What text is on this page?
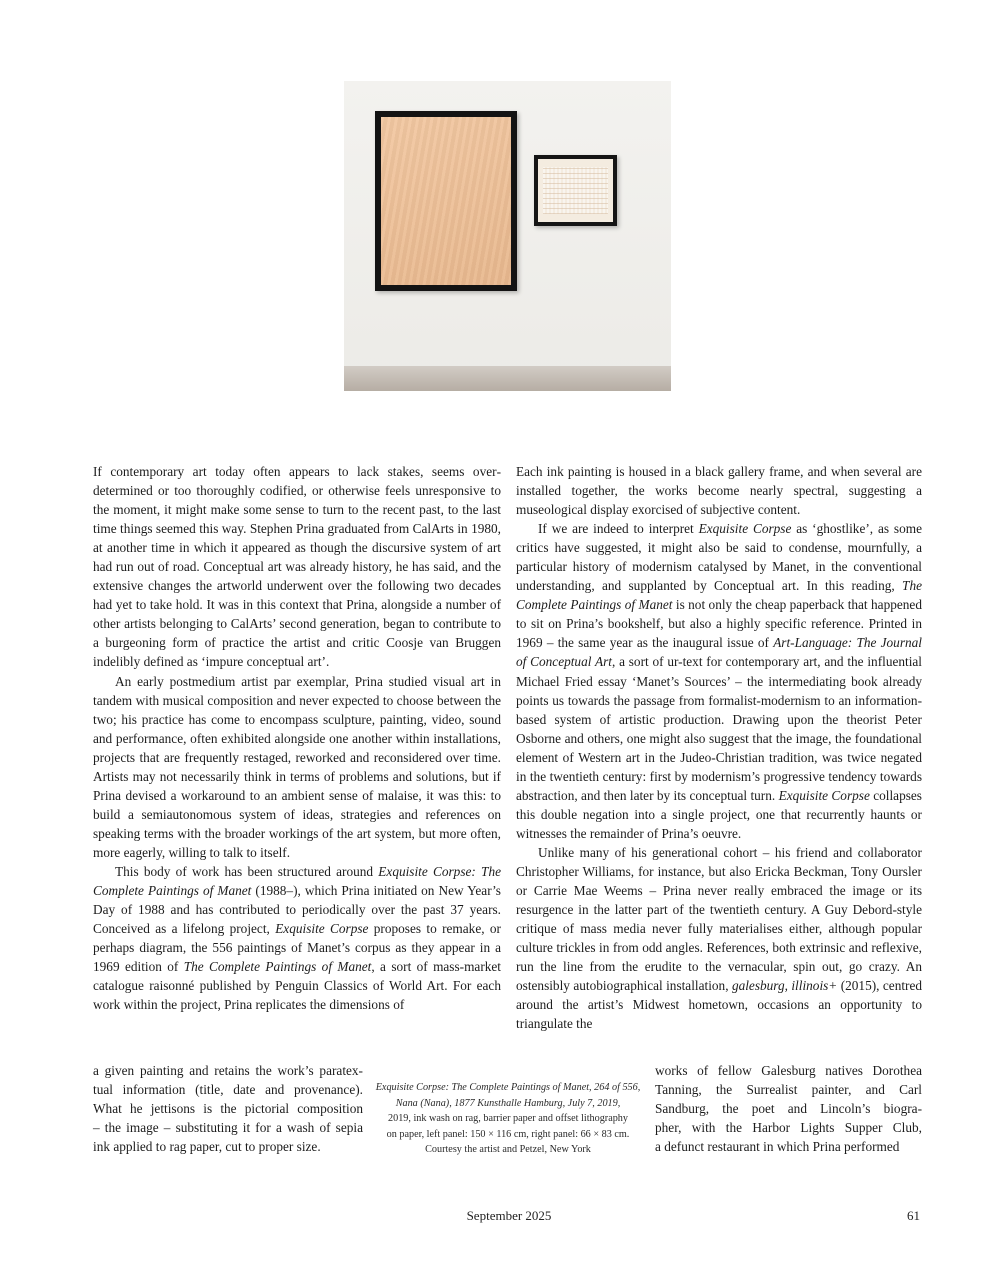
If contemporary art today often appears to lack stakes, seems overdetermined or too thoroughly codified, or otherwise feels unresponsive to the moment, it might make some sense to turn to the recent past, to the last time things seemed this way. Stephen Prina graduated from CalArts in 1980, at another time in which it appeared as though the discursive system of art had run out of road. Conceptual art was already history, he has said, and the extensive changes the artworld underwent over the following two decades had yet to take hold. It was in this context that Prina, alongside a number of other artists belonging to CalArts’ second generation, began to contribute to a burgeoning form of practice the artist and critic Coosje van Bruggen indelibly defined as ‘impure conceptual art’.

An early postmedium artist par exemplar, Prina studied visual art in tandem with musical composition and never expected to choose between the two; his practice has come to encompass sculpture, painting, video, sound and performance, often exhibited alongside one another within installations, projects that are frequently restaged, reworked and reconsidered over time. Artists may not necessarily think in terms of problems and solutions, but if Prina devised a workaround to an ambient sense of malaise, it was this: to build a semiautonomous system of ideas, strategies and references on speaking terms with the broader workings of the art system, but more often, more eagerly, willing to talk to itself.

This body of work has been structured around Exquisite Corpse: The Complete Paintings of Manet (1988–), which Prina initiated on New Year’s Day of 1988 and has contributed to periodically over the past 37 years. Conceived as a lifelong project, Exquisite Corpse proposes to remake, or perhaps diagram, the 556 paintings of Manet’s corpus as they appear in a 1969 edition of The Complete Paintings of Manet, a sort of mass-market catalogue raisonné published by Penguin Classics of World Art. For each work within the project, Prina replicates the dimensions of

a given painting and retains the work’s paratex-
tual information (title, date and provenance).
What he jettisons is the pictorial composition
– the image – substituting it for a wash of sepia
ink applied to rag paper, cut to proper size.
Exquisite Corpse: The Complete Paintings of Manet, 264 of 556,
Nana (Nana), 1877 Kunsthalle Hamburg, July 7, 2019,
2019, ink wash on rag, barrier paper and offset lithography
on paper, left panel: 150 × 116 cm, right panel: 66 × 83 cm.
Courtesy the artist and Petzel, New York

Each ink painting is housed in a black gallery frame, and when several are installed together, the works become nearly spectral, suggesting a museological display exorcised of subjective content.

If we are indeed to interpret Exquisite Corpse as ‘ghostlike’, as some critics have suggested, it might also be said to condense, mournfully, a particular history of modernism catalysed by Manet, in the conventional understanding, and supplanted by Conceptual art. In this reading, The Complete Paintings of Manet is not only the cheap paperback that happened to sit on Prina’s bookshelf, but also a highly specific reference. Printed in 1969 – the same year as the inaugural issue of Art-Language: The Journal of Conceptual Art, a sort of ur-text for contemporary art, and the influential Michael Fried essay ‘Manet’s Sources’ – the intermediating book already points us towards the passage from formalist-modernism to an information-based system of artistic production. Drawing upon the theorist Peter Osborne and others, one might also suggest that the image, the foundational element of Western art in the Judeo-Christian tradition, was twice negated in the twentieth century: first by modernism’s progressive tendency towards abstraction, and then later by its conceptual turn. Exquisite Corpse collapses this double negation into a single project, one that recurrently haunts or witnesses the remainder of Prina’s oeuvre.

Unlike many of his generational cohort – his friend and collaborator Christopher Williams, for instance, but also Ericka Beckman, Tony Oursler or Carrie Mae Weems – Prina never really embraced the image or its resurgence in the latter part of the twentieth century. A Guy Debord-style critique of mass media never fully materialises either, although popular culture trickles in from odd angles. References, both extrinsic and reflexive, run the line from the erudite to the vernacular, spin out, go crazy. An ostensibly autobiographical installation, galesburg, illinois+ (2015), centred around the artist’s Midwest hometown, occasions an opportunity to triangulate the

works of fellow Galesburg natives Dorothea
Tanning, the Surrealist painter, and Carl
Sandburg, the poet and Lincoln’s biogra-
pher, with the Harbor Lights Supper Club,
a defunct restaurant in which Prina performed
September 2025	61
